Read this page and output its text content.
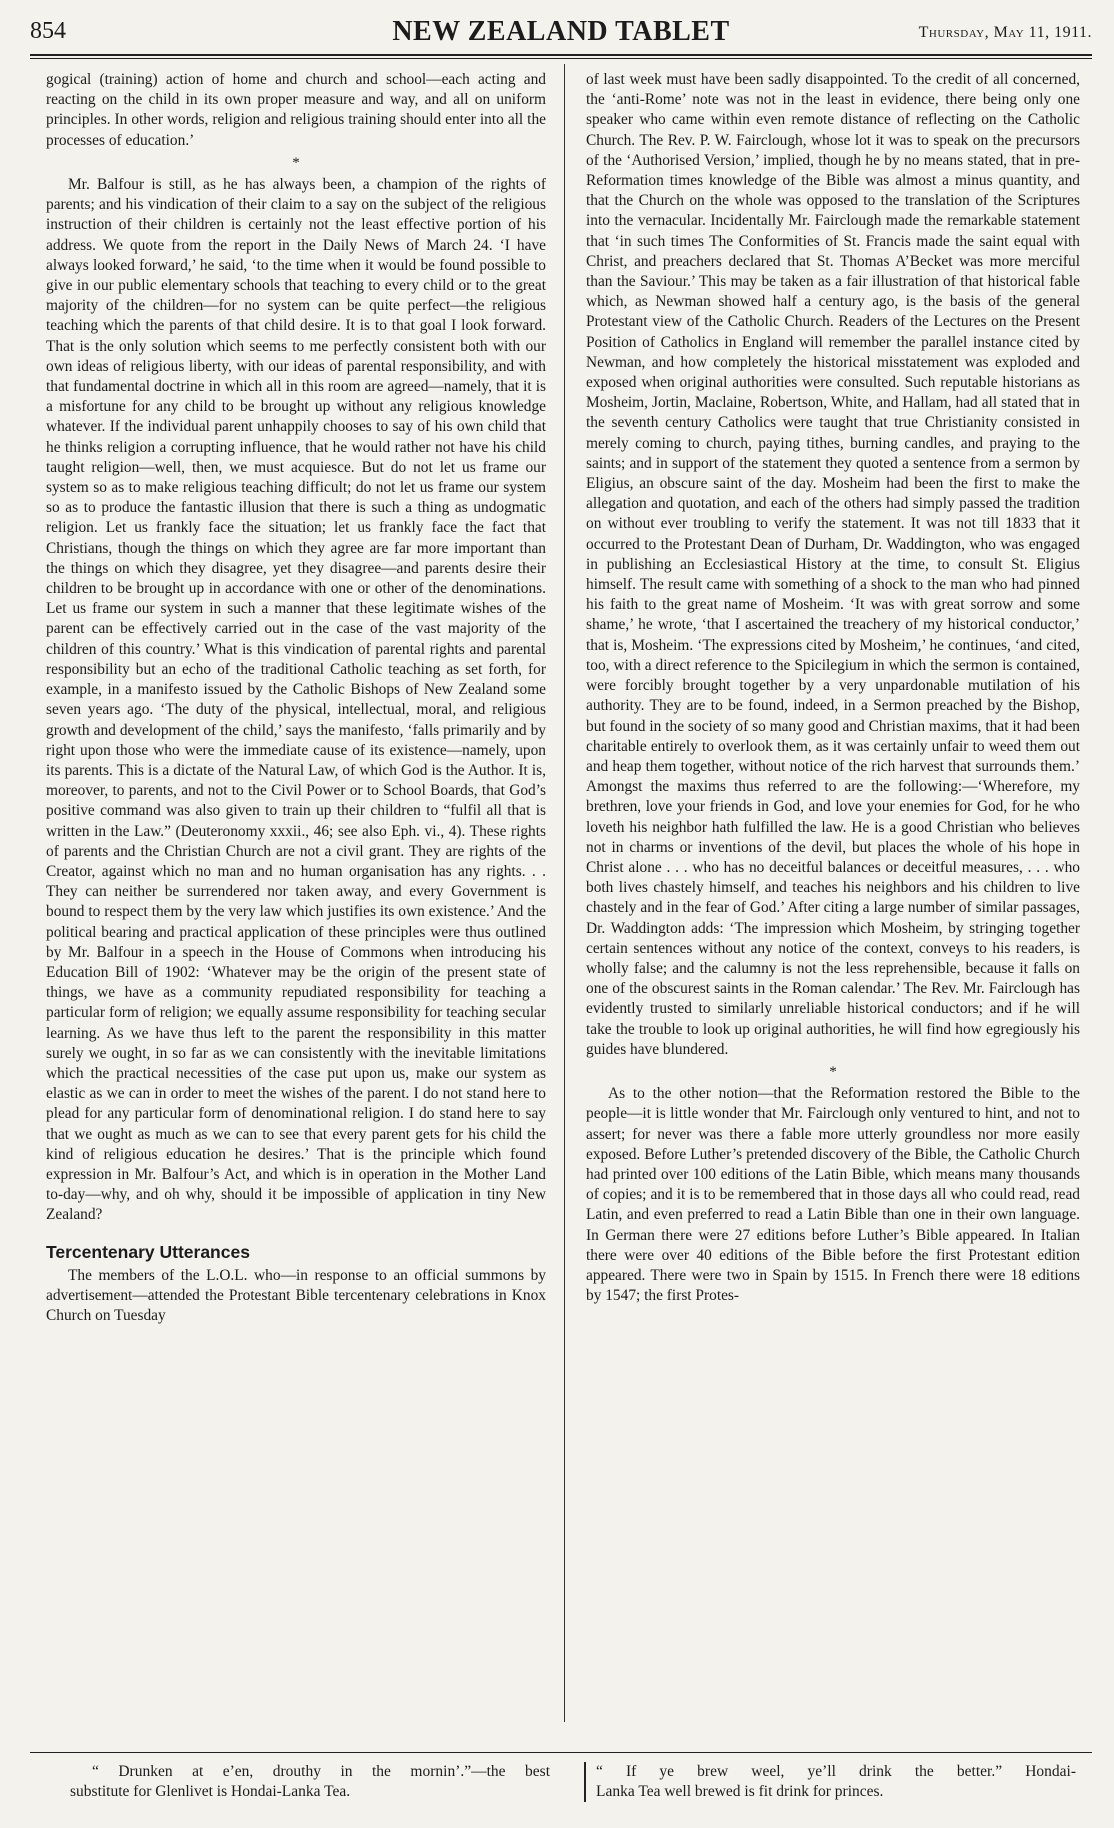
854	NEW ZEALAND TABLET	Thursday, May 11, 1911.

gogical (training) action of home and church and school—each acting and reacting on the child in its own proper measure and way, and all on uniform principles. In other words, religion and religious training should enter into all the processes of education.’

*

Mr. Balfour is still, as he has always been, a champion of the rights of parents; and his vindication of their claim to a say on the subject of the religious instruction of their children is certainly not the least effective portion of his address. We quote from the report in the Daily News of March 24. ‘I have always looked forward,’ he said, ‘to the time when it would be found possible to give in our public elementary schools that teaching to every child or to the great majority of the children—for no system can be quite perfect—the religious teaching which the parents of that child desire. It is to that goal I look forward. That is the only solution which seems to me perfectly consistent both with our own ideas of religious liberty, with our ideas of parental responsibility, and with that fundamental doctrine in which all in this room are agreed—namely, that it is a misfortune for any child to be brought up without any religious knowledge whatever. If the individual parent unhappily chooses to say of his own child that he thinks religion a corrupting influence, that he would rather not have his child taught religion—well, then, we must acquiesce. But do not let us frame our system so as to make religious teaching difficult; do not let us frame our system so as to produce the fantastic illusion that there is such a thing as undogmatic religion. Let us frankly face the situation; let us frankly face the fact that Christians, though the things on which they agree are far more important than the things on which they disagree, yet they disagree—and parents desire their children to be brought up in accordance with one or other of the denominations. Let us frame our system in such a manner that these legitimate wishes of the parent can be effectively carried out in the case of the vast majority of the children of this country.’ What is this vindication of parental rights and parental responsibility but an echo of the traditional Catholic teaching as set forth, for example, in a manifesto issued by the Catholic Bishops of New Zealand some seven years ago. ‘The duty of the physical, intellectual, moral, and religious growth and development of the child,’ says the manifesto, ‘falls primarily and by right upon those who were the immediate cause of its existence—namely, upon its parents. This is a dictate of the Natural Law, of which God is the Author. It is, moreover, to parents, and not to the Civil Power or to School Boards, that God’s positive command was also given to train up their children to “fulfil all that is written in the Law.” (Deuteronomy xxxii., 46; see also Eph. vi., 4). These rights of parents and the Christian Church are not a civil grant. They are rights of the Creator, against which no man and no human organisation has any rights. . . They can neither be surrendered nor taken away, and every Government is bound to respect them by the very law which justifies its own existence.’ And the political bearing and practical application of these principles were thus outlined by Mr. Balfour in a speech in the House of Commons when introducing his Education Bill of 1902: ‘Whatever may be the origin of the present state of things, we have as a community repudiated responsibility for teaching a particular form of religion; we equally assume responsibility for teaching secular learning. As we have thus left to the parent the responsibility in this matter surely we ought, in so far as we can consistently with the inevitable limitations which the practical necessities of the case put upon us, make our system as elastic as we can in order to meet the wishes of the parent. I do not stand here to plead for any particular form of denominational religion. I do stand here to say that we ought as much as we can to see that every parent gets for his child the kind of religious education he desires.’ That is the principle which found expression in Mr. Balfour’s Act, and which is in operation in the Mother Land to-day—why, and oh why, should it be impossible of application in tiny New Zealand?

Tercentenary Utterances

The members of the L.O.L. who—in response to an official summons by advertisement—attended the Protestant Bible tercentenary celebrations in Knox Church on Tuesday

of last week must have been sadly disappointed. To the credit of all concerned, the ‘anti-Rome’ note was not in the least in evidence, there being only one speaker who came within even remote distance of reflecting on the Catholic Church. The Rev. P. W. Fairclough, whose lot it was to speak on the precursors of the ‘Authorised Version,’ implied, though he by no means stated, that in pre-Reformation times knowledge of the Bible was almost a minus quantity, and that the Church on the whole was opposed to the translation of the Scriptures into the vernacular. Incidentally Mr. Fairclough made the remarkable statement that ‘in such times The Conformities of St. Francis made the saint equal with Christ, and preachers declared that St. Thomas A’Becket was more merciful than the Saviour.’ This may be taken as a fair illustration of that historical fable which, as Newman showed half a century ago, is the basis of the general Protestant view of the Catholic Church. Readers of the Lectures on the Present Position of Catholics in England will remember the parallel instance cited by Newman, and how completely the historical misstatement was exploded and exposed when original authorities were consulted. Such reputable historians as Mosheim, Jortin, Maclaine, Robertson, White, and Hallam, had all stated that in the seventh century Catholics were taught that true Christianity consisted in merely coming to church, paying tithes, burning candles, and praying to the saints; and in support of the statement they quoted a sentence from a sermon by Eligius, an obscure saint of the day. Mosheim had been the first to make the allegation and quotation, and each of the others had simply passed the tradition on without ever troubling to verify the statement. It was not till 1833 that it occurred to the Protestant Dean of Durham, Dr. Waddington, who was engaged in publishing an Ecclesiastical History at the time, to consult St. Eligius himself. The result came with something of a shock to the man who had pinned his faith to the great name of Mosheim. ‘It was with great sorrow and some shame,’ he wrote, ‘that I ascertained the treachery of my historical conductor,’ that is, Mosheim. ‘The expressions cited by Mosheim,’ he continues, ‘and cited, too, with a direct reference to the Spicilegium in which the sermon is contained, were forcibly brought together by a very unpardonable mutilation of his authority. They are to be found, indeed, in a Sermon preached by the Bishop, but found in the society of so many good and Christian maxims, that it had been charitable entirely to overlook them, as it was certainly unfair to weed them out and heap them together, without notice of the rich harvest that surrounds them.’ Amongst the maxims thus referred to are the following:—‘Wherefore, my brethren, love your friends in God, and love your enemies for God, for he who loveth his neighbor hath fulfilled the law. He is a good Christian who believes not in charms or inventions of the devil, but places the whole of his hope in Christ alone . . . who has no deceitful balances or deceitful measures, . . . who both lives chastely himself, and teaches his neighbors and his children to live chastely and in the fear of God.’ After citing a large number of similar passages, Dr. Waddington adds: ‘The impression which Mosheim, by stringing together certain sentences without any notice of the context, conveys to his readers, is wholly false; and the calumny is not the less reprehensible, because it falls on one of the obscurest saints in the Roman calendar.’ The Rev. Mr. Fairclough has evidently trusted to similarly unreliable historical conductors; and if he will take the trouble to look up original authorities, he will find how egregiously his guides have blundered.

*

As to the other notion—that the Reformation restored the Bible to the people—it is little wonder that Mr. Fairclough only ventured to hint, and not to assert; for never was there a fable more utterly groundless nor more easily exposed. Before Luther’s pretended discovery of the Bible, the Catholic Church had printed over 100 editions of the Latin Bible, which means many thousands of copies; and it is to be remembered that in those days all who could read, read Latin, and even preferred to read a Latin Bible than one in their own language. In German there were 27 editions before Luther’s Bible appeared. In Italian there were over 40 editions of the Bible before the first Protestant edition appeared. There were two in Spain by 1515. In French there were 18 editions by 1547; the first Protes-

“ Drunken at e’en, drouthy in the mornin’.”—the best
substitute for Glenlivet is Hondai-Lanka Tea.
“ If ye brew weel, ye’ll drink the better.” Hondai-
Lanka Tea well brewed is fit drink for princes.
